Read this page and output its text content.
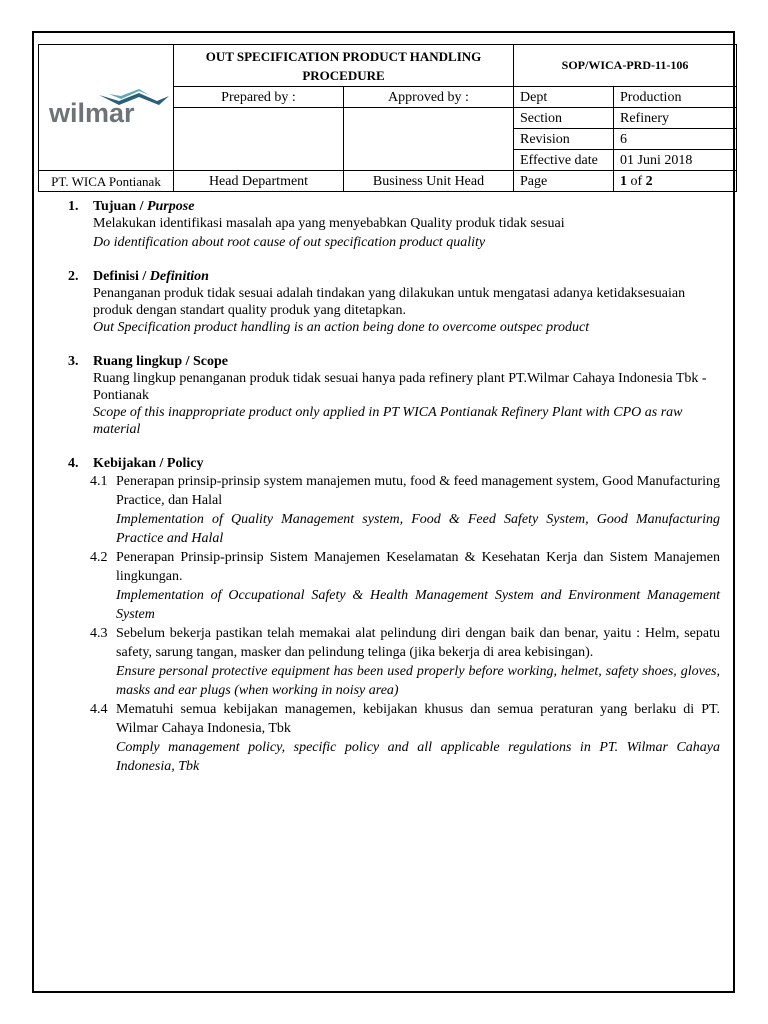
wilmar	OUT SPECIFICATION PRODUCT HANDLING PROCEDURE		SOP/WICA-PRD-11-106	
	Prepared by :	Approved by :	Dept	Production
			Section	Refinery
			Revision	6
			Effective date	01 Juni 2018
PT. WICA Pontianak	Head Department	Business Unit Head	Page	1 of 2
1.	Tujuan / Purpose
Melakukan identifikasi masalah apa yang menyebabkan Quality produk tidak sesuai
Do identification about root cause of out specification product quality
2.	Definisi / Definition
Penanganan produk tidak sesuai adalah tindakan yang dilakukan untuk mengatasi adanya ketidaksesuaian produk dengan standart quality produk yang ditetapkan.
Out Specification product handling is an action being done to overcome outspec product
3.	Ruang lingkup / Scope
Ruang lingkup penanganan produk tidak sesuai hanya pada refinery plant PT.Wilmar Cahaya Indonesia Tbk - Pontianak
Scope of this inappropriate product only applied in PT WICA Pontianak Refinery Plant with CPO as raw material
4.	Kebijakan / Policy
4.1 Penerapan prinsip-prinsip system manajemen mutu, food & feed management system, Good Manufacturing Practice, dan Halal

Implementation of Quality Management system, Food & Feed Safety System, Good Manufacturing Practice and Halal

4.2 Penerapan Prinsip-prinsip Sistem Manajemen Keselamatan & Kesehatan Kerja dan Sistem Manajemen lingkungan.

Implementation of Occupational Safety & Health Management System and Environment Management System

4.3 Sebelum bekerja pastikan telah memakai alat pelindung diri dengan baik dan benar, yaitu : Helm, sepatu safety, sarung tangan, masker dan pelindung telinga (jika bekerja di area kebisingan).

Ensure personal protective equipment has been used properly before working, helmet, safety shoes, gloves, masks and ear plugs (when working in noisy area)

4.4 Mematuhi semua kebijakan managemen, kebijakan khusus dan semua peraturan yang berlaku di PT. Wilmar Cahaya Indonesia, Tbk

Comply management policy, specific policy and all applicable regulations in PT. Wilmar Cahaya Indonesia, Tbk
